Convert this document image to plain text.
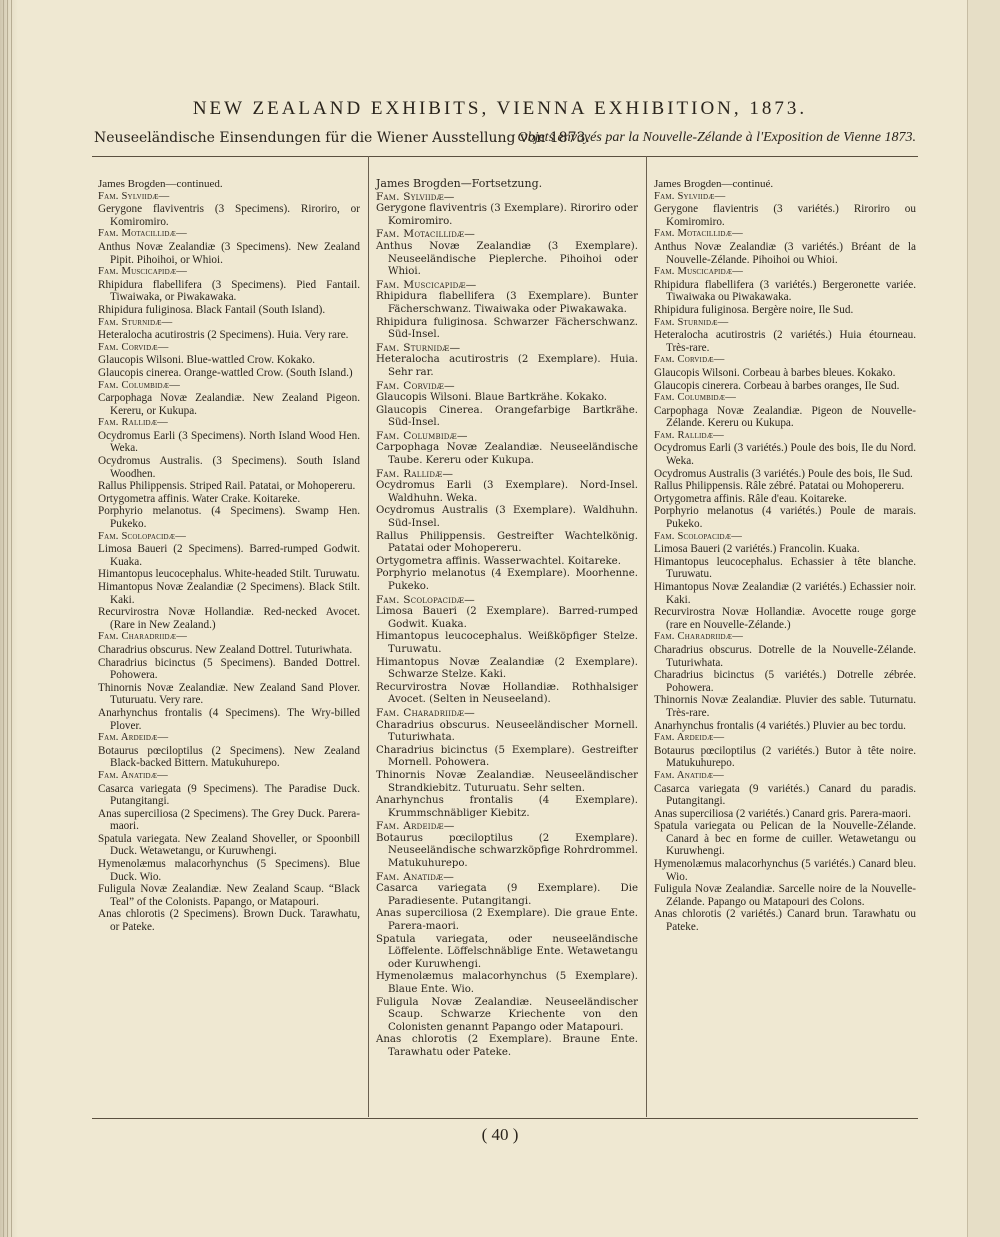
NEW ZEALAND EXHIBITS, VIENNA EXHIBITION, 1873.
Neuseeländische Einsendungen für die Wiener Ausstellung von 1873.
Objets envoyés par la Nouvelle-Zélande à l'Exposition de Vienne 1873.

James Brogden—continued.

Fam. Sylviidæ—

Gerygone flaviventris (3 Specimens). Riroriro, or Komiromiro.

Fam. Motacillidæ—

Anthus Novæ Zealandiæ (3 Specimens). New Zealand Pipit. Pihoihoi, or Whioi.

Fam. Muscicapidæ—

Rhipidura flabellifera (3 Specimens). Pied Fantail. Tiwaiwaka, or Piwakawaka.

Rhipidura fuliginosa. Black Fantail (South Island).

Fam. Sturnidæ—

Heteralocha acutirostris (2 Specimens). Huia. Very rare.

Fam. Corvidæ—

Glaucopis Wilsoni. Blue-wattled Crow. Kokako.

Glaucopis cinerea. Orange-wattled Crow. (South Island.)

Fam. Columbidæ—

Carpophaga Novæ Zealandiæ. New Zealand Pigeon. Kereru, or Kukupa.

Fam. Rallidæ—

Ocydromus Earli (3 Specimens). North Island Wood Hen. Weka.

Ocydromus Australis. (3 Specimens). South Island Woodhen.

Rallus Philippensis. Striped Rail. Patatai, or Mohopereru.

Ortygometra affinis. Water Crake. Koitareke.

Porphyrio melanotus. (4 Specimens). Swamp Hen. Pukeko.

Fam. Scolopacidæ—

Limosa Baueri (2 Specimens). Barred-rumped Godwit. Kuaka.

Himantopus leucocephalus. White-headed Stilt. Turuwatu.

Himantopus Novæ Zealandiæ (2 Specimens). Black Stilt. Kaki.

Recurvirostra Novæ Hollandiæ. Red-necked Avocet. (Rare in New Zealand.)

Fam. Charadriidæ—

Charadrius obscurus. New Zealand Dottrel. Tuturiwhata.

Charadrius bicinctus (5 Specimens). Banded Dottrel. Pohowera.

Thinornis Novæ Zealandiæ. New Zealand Sand Plover. Tuturuatu. Very rare.

Anarhynchus frontalis (4 Specimens). The Wry-billed Plover.

Fam. Ardeidæ—

Botaurus pœciloptilus (2 Specimens). New Zealand Black-backed Bittern. Matukuhurepo.

Fam. Anatidæ—

Casarca variegata (9 Specimens). The Paradise Duck. Putangitangi.

Anas superciliosa (2 Specimens). The Grey Duck. Parera-maori.

Spatula variegata. New Zealand Shoveller, or Spoonbill Duck. Wetawetangu, or Kuruwhengi.

Hymenolæmus malacorhynchus (5 Specimens). Blue Duck. Wio.

Fuligula Novæ Zealandiæ. New Zealand Scaup. “Black Teal” of the Colonists. Papango, or Matapouri.

Anas chlorotis (2 Specimens). Brown Duck. Tarawhatu, or Pateke.

James Brogden—Fortsetzung.

Fam. Sylviidæ—

Gerygone flaviventris (3 Exemplare). Riroriro oder Komiromiro.

Fam. Motacillidæ—

Anthus Novæ Zealandiæ (3 Exemplare). Neuseeländische Pieplerche. Pihoihoi oder Whioi.

Fam. Muscicapidæ—

Rhipidura flabellifera (3 Exemplare). Bunter Fächerschwanz. Tiwaiwaka oder Piwakawaka.

Rhipidura fuliginosa. Schwarzer Fächerschwanz. Süd-Insel.

Fam. Sturnidæ—

Heteralocha acutirostris (2 Exemplare). Huia. Sehr rar.

Fam. Corvidæ—

Glaucopis Wilsoni. Blaue Bartkrähe. Kokako.

Glaucopis Cinerea. Orangefarbige Bartkrähe. Süd-Insel.

Fam. Columbidæ—

Carpophaga Novæ Zealandiæ. Neuseeländische Taube. Kereru oder Kukupa.

Fam. Rallidæ—

Ocydromus Earli (3 Exemplare). Nord-Insel. Waldhuhn. Weka.

Ocydromus Australis (3 Exemplare). Waldhuhn. Süd-Insel.

Rallus Philippensis. Gestreifter Wachtelkönig. Patatai oder Mohopereru.

Ortygometra affinis. Wasserwachtel. Koitareke.

Porphyrio melanotus (4 Exemplare). Moorhenne. Pukeko.

Fam. Scolopacidæ—

Limosa Baueri (2 Exemplare). Barred-rumped Godwit. Kuaka.

Himantopus leucocephalus. Weißköpfiger Stelze. Turuwatu.

Himantopus Novæ Zealandiæ (2 Exemplare). Schwarze Stelze. Kaki.

Recurvirostra Novæ Hollandiæ. Rothhalsiger Avocet. (Selten in Neuseeland).

Fam. Charadriidæ—

Charadrius obscurus. Neuseeländischer Mornell. Tuturiwhata.

Charadrius bicinctus (5 Exemplare). Gestreifter Mornell. Pohowera.

Thinornis Novæ Zealandiæ. Neuseeländischer Strandkiebitz. Tuturuatu. Sehr selten.

Anarhynchus frontalis (4 Exemplare). Krummschnäbliger Kiebitz.

Fam. Ardeidæ—

Botaurus pœciloptilus (2 Exemplare). Neuseeländische schwarzköpfige Rohrdrommel. Matukuhurepo.

Fam. Anatidæ—

Casarca variegata (9 Exemplare). Die Paradiesente. Putangitangi.

Anas superciliosa (2 Exemplare). Die graue Ente. Parera-maori.

Spatula variegata, oder neuseeländische Löffelente. Löffelschnäblige Ente. Wetawetangu oder Kuruwhengi.

Hymenolæmus malacorhynchus (5 Exemplare). Blaue Ente. Wio.

Fuligula Novæ Zealandiæ. Neuseeländischer Scaup. Schwarze Kriechente von den Colonisten genannt Papango oder Matapouri.

Anas chlorotis (2 Exemplare). Braune Ente. Tarawhatu oder Pateke.

James Brogden—continué.

Fam. Sylviidæ—

Gerygone flavientris (3 variétés.) Riroriro ou Komiromiro.

Fam. Motacillidæ—

Anthus Novæ Zealandiæ (3 variétés.) Bréant de la Nouvelle-Zélande. Pihoihoi ou Whioi.

Fam. Muscicapidæ—

Rhipidura flabellifera (3 variétés.) Bergeronette variée. Tiwaiwaka ou Piwakawaka.

Rhipidura fuliginosa. Bergère noire, Ile Sud.

Fam. Sturnidæ—

Heteralocha acutirostris (2 variétés.) Huia étourneau. Très-rare.

Fam. Corvidæ—

Glaucopis Wilsoni. Corbeau à barbes bleues. Kokako.

Glaucopis cinerera. Corbeau à barbes oranges, Ile Sud.

Fam. Columbidæ—

Carpophaga Novæ Zealandiæ. Pigeon de Nouvelle-Zélande. Kereru ou Kukupa.

Fam. Rallidæ—

Ocydromus Earli (3 variétés.) Poule des bois, Ile du Nord. Weka.

Ocydromus Australis (3 variétés.) Poule des bois, Ile Sud.

Rallus Philippensis. Râle zébré. Patatai ou Mohopereru.

Ortygometra affinis. Râle d'eau. Koitareke.

Porphyrio melanotus (4 variétés.) Poule de marais. Pukeko.

Fam. Scolopacidæ—

Limosa Baueri (2 variétés.) Francolin. Kuaka.

Himantopus leucocephalus. Echassier à tête blanche. Turuwatu.

Himantopus Novæ Zealandiæ (2 variétés.) Echassier noir. Kaki.

Recurvirostra Novæ Hollandiæ. Avocette rouge gorge (rare en Nouvelle-Zélande.)

Fam. Charadriidæ—

Charadrius obscurus. Dotrelle de la Nouvelle-Zélande. Tuturiwhata.

Charadrius bicinctus (5 variétés.) Dotrelle zébrée. Pohowera.

Thinornis Novæ Zealandiæ. Pluvier des sable. Tuturnatu. Très-rare.

Anarhynchus frontalis (4 variétés.) Pluvier au bec tordu.

Fam. Ardeidæ—

Botaurus pœciloptilus (2 variétés.) Butor à tête noire. Matukuhurepo.

Fam. Anatidæ—

Casarca variegata (9 variétés.) Canard du paradis. Putangitangi.

Anas superciliosa (2 variétés.) Canard gris. Parera-maori.

Spatula variegata ou Pelican de la Nouvelle-Zélande. Canard à bec en forme de cuiller. Wetawetangu ou Kuruwhengi.

Hymenolæmus malacorhynchus (5 variétés.) Canard bleu. Wio.

Fuligula Novæ Zealandiæ. Sarcelle noire de la Nouvelle-Zélande. Papango ou Matapouri des Colons.

Anas chlorotis (2 variétés.) Canard brun. Tarawhatu ou Pateke.

( 40 )
